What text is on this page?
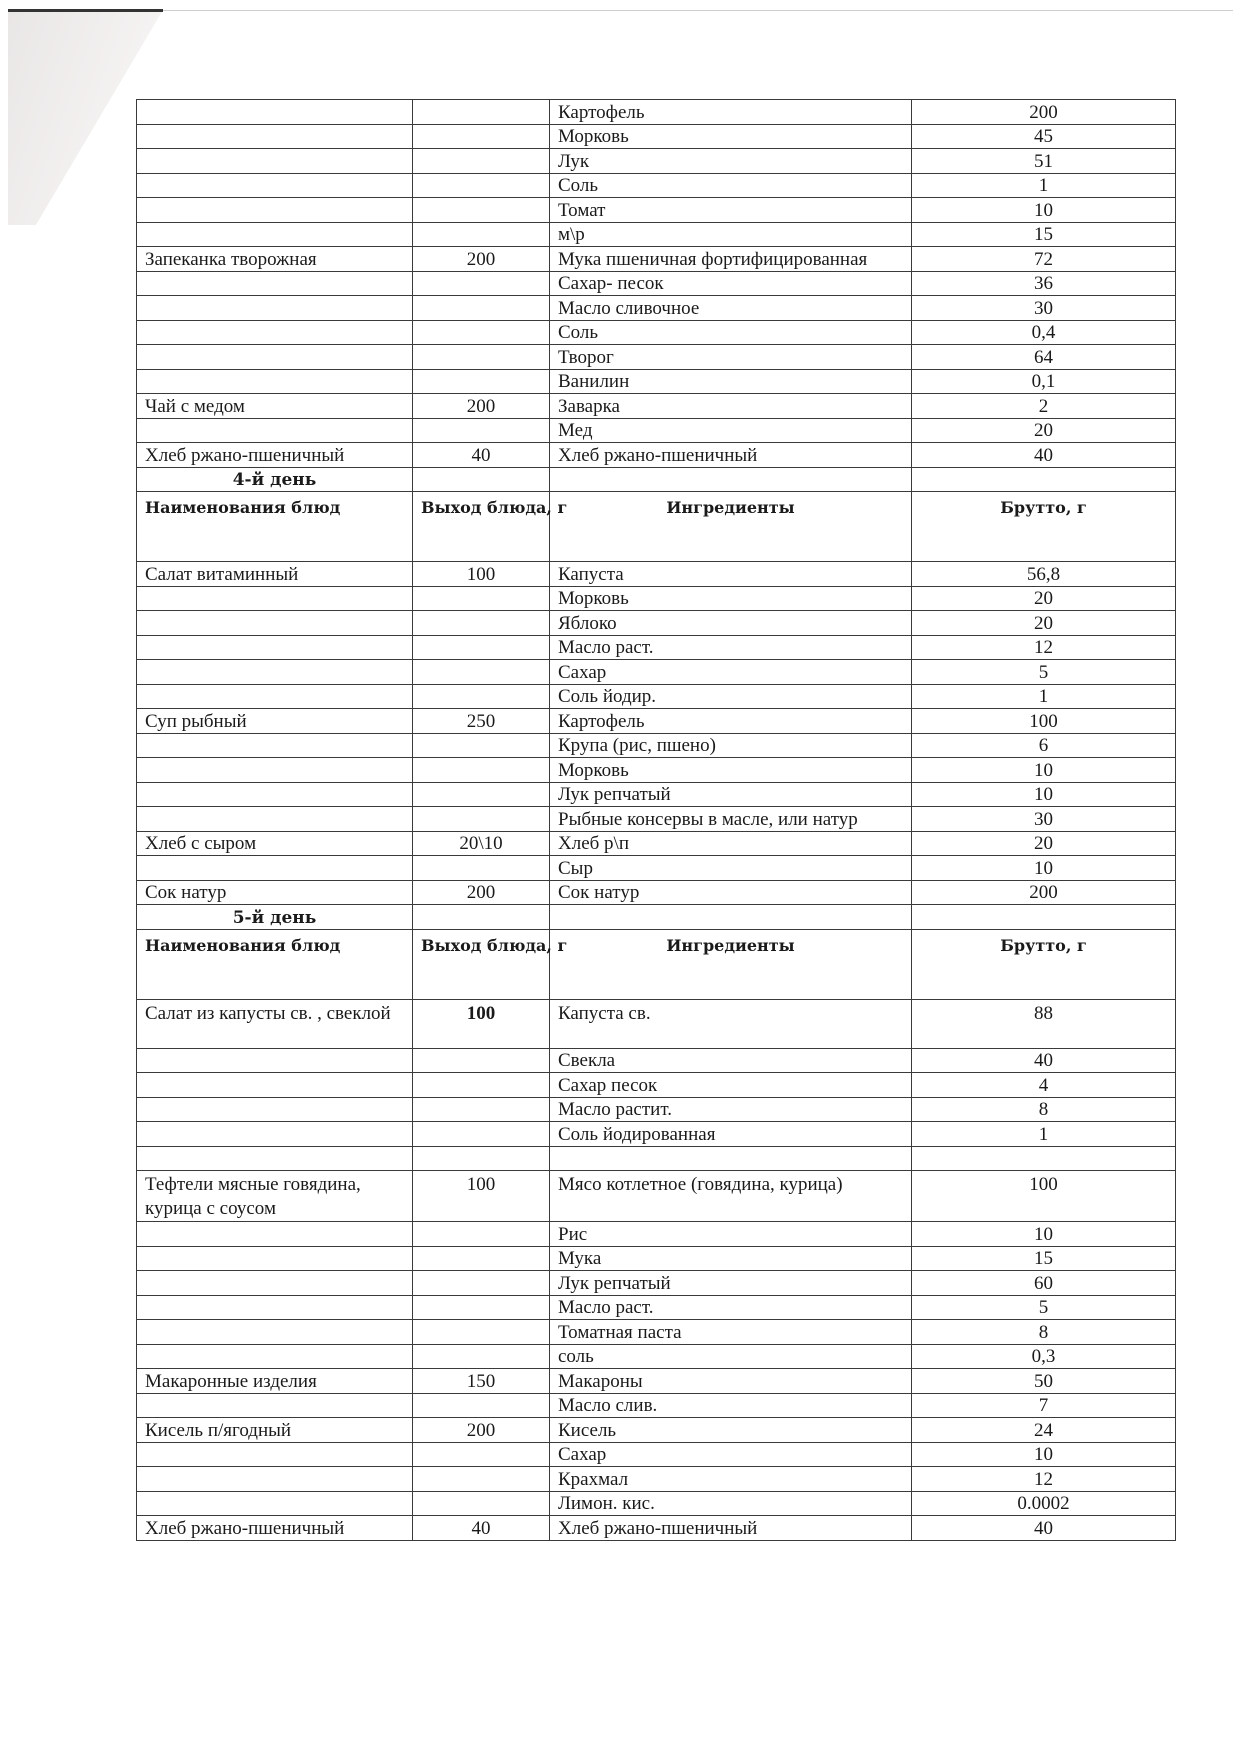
		Картофель	200
		Морковь	45
		Лук	51
		Соль	1
		Томат	10
		м\р	15
Запеканка творожная	200	Мука пшеничная фортифицированная	72
		Сахар- песок	36
		Масло сливочное	30
		Соль	0,4
		Творог	64
		Ванилин	0,1
Чай с медом	200	Заварка	2
		Мед	20
Хлеб ржано-пшеничный	40	Хлеб ржано-пшеничный	40
4-й день			
Наименования блюд	Выход блюда, г	Ингредиенты	Брутто, г
Салат витаминный	100	Капуста	56,8
		Морковь	20
		Яблоко	20
		Масло раст.	12
		Сахар	5
		Соль йодир.	1
Суп рыбный	250	Картофель	100
		Крупа (рис, пшено)	6
		Морковь	10
		Лук репчатый	10
		Рыбные консервы в масле, или натур	30
Хлеб с сыром	20\10	Хлеб р\п	20
		Сыр	10
Сок натур	200	Сок натур	200
5-й день			
Наименования блюд	Выход блюда, г	Ингредиенты	Брутто, г
Салат из капусты св. , свеклой	100	Капуста св.	88
		Свекла	40
		Сахар песок	4
		Масло растит.	8
		Соль йодированная	1

Тефтели мясные говядина, курица с соусом	100	Мясо котлетное (говядина, курица)	100
		Рис	10
		Мука	15
		Лук репчатый	60
		Масло раст.	5
		Томатная паста	8
		соль	0,3
Макаронные изделия	150	Макароны	50
		Масло слив.	7
Кисель п/ягодный	200	Кисель	24
		Сахар	10
		Крахмал	12
		Лимон. кис.	0.0002
Хлеб ржано-пшеничный	40	Хлеб ржано-пшеничный	40
